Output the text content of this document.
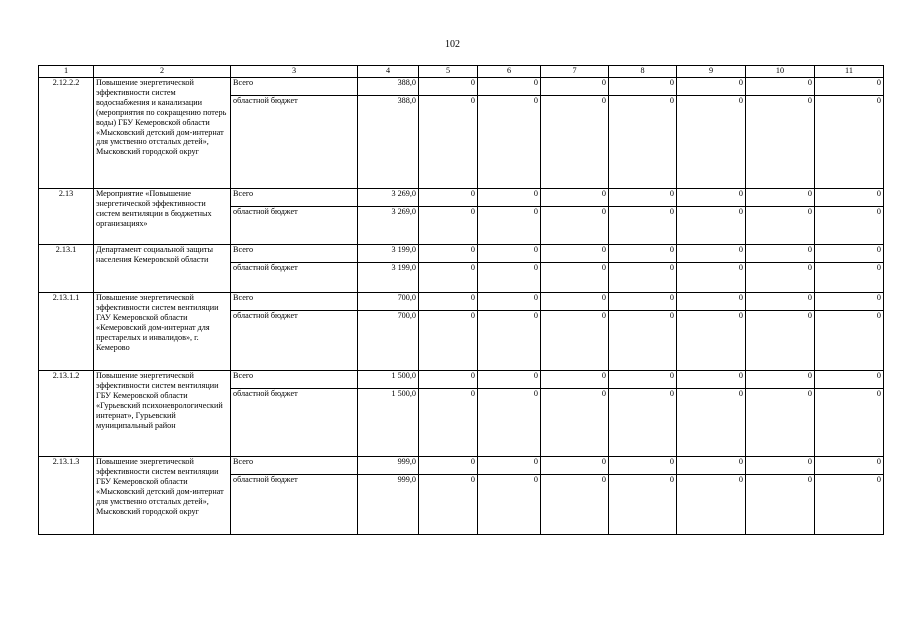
102
1	2	3	4	5	6	7	8	9	10	11
2.12.2.2	Повышение энергетической эффективности систем водоснабжения и канализации (мероприятия по сокращению потерь воды) ГБУ Кемеровской области «Мысковский детский дом-интернат для умственно отсталых детей», Мысковский городской округ	Всего	388,0	0	0	0	0	0	0	0
		областной бюджет	388,0	0	0	0	0	0	0	0
2.13	Мероприятие «Повышение энергетической эффективности систем вентиляции в бюджетных организациях»	Всего	3 269,0	0	0	0	0	0	0	0
		областной бюджет	3 269,0	0	0	0	0	0	0	0
2.13.1	Департамент социальной защиты населения Кемеровской области	Всего	3 199,0	0	0	0	0	0	0	0
		областной бюджет	3 199,0	0	0	0	0	0	0	0
2.13.1.1	Повышение энергетической эффективности систем вентиляции ГАУ Кемеровской области «Кемеровский дом-интернат для престарелых и инвалидов», г. Кемерово	Всего	700,0	0	0	0	0	0	0	0
		областной бюджет	700,0	0	0	0	0	0	0	0
2.13.1.2	Повышение энергетической эффективности систем вентиляции ГБУ Кемеровской области «Гурьевский психоневрологический интернат», Гурьевский муниципальный район	Всего	1 500,0	0	0	0	0	0	0	0
		областной бюджет	1 500,0	0	0	0	0	0	0	0
2.13.1.3	Повышение энергетической эффективности систем вентиляции ГБУ Кемеровской области «Мысковский детский дом-интернат для умственно отсталых детей», Мысковский городской округ	Всего	999,0	0	0	0	0	0	0	0
		областной бюджет	999,0	0	0	0	0	0	0	0
